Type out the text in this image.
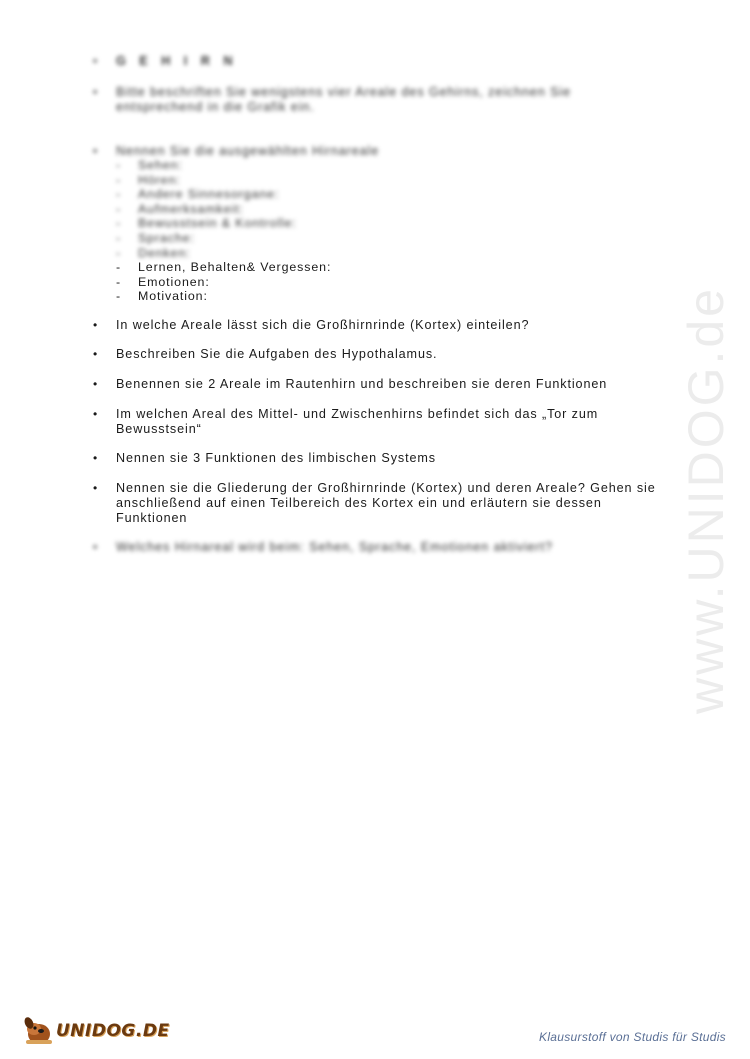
www.UNIDOG.de
• G E H I R N
• Bitte beschriften Sie wenigstens vier Areale des Gehirns, zeichnen Sie entsprechend in die Grafik ein.
• Nennen Sie die ausgewählten Hirnareale
- Sehen:
- Hören:
- Andere Sinnesorgane:
- Aufmerksamkeit:
- Bewusstsein & Kontrolle:
- Sprache:
- Denken:
- Lernen, Behalten& Vergessen:
- Emotionen:
- Motivation:
• In welche Areale lässt sich die Großhirnrinde (Kortex) einteilen?
• Beschreiben Sie die Aufgaben des Hypothalamus.
• Benennen sie 2 Areale im Rautenhirn und beschreiben sie deren Funktionen
• Im welchen Areal des Mittel- und Zwischenhirns befindet sich das „Tor zum Bewusstsein“
• Nennen sie 3 Funktionen des limbischen Systems
• Nennen sie die Gliederung der Großhirnrinde (Kortex) und deren Areale? Gehen sie anschließend auf einen Teilbereich des Kortex ein und erläutern sie dessen Funktionen
• Welches Hirnareal wird beim: Sehen, Sprache, Emotionen aktiviert?
UNIDOG.DE	Klausurstoff von Studis für Studis
